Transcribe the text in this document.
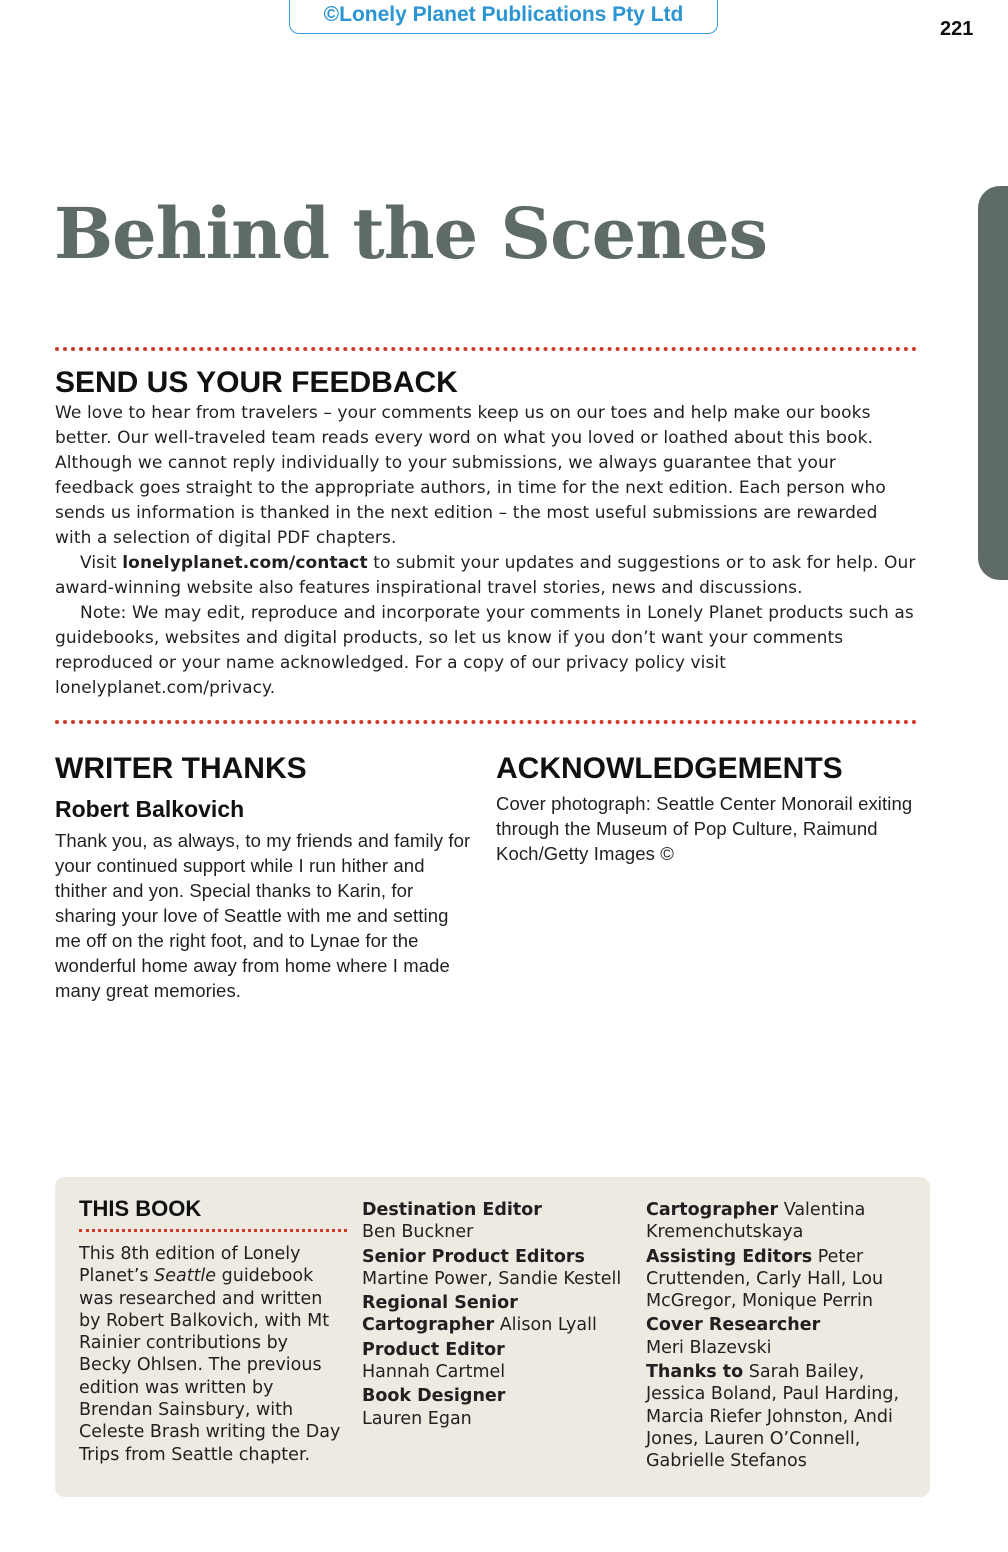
©Lonely Planet Publications Pty Ltd
221
Behind the Scenes
SEND US YOUR FEEDBACK

We love to hear from travelers – your comments keep us on our toes and help make our books better. Our well-traveled team reads every word on what you loved or loathed about this book. Although we cannot reply individually to your submissions, we always guarantee that your feedback goes straight to the appropriate authors, in time for the next edition. Each person who sends us information is thanked in the next edition – the most useful submissions are rewarded with a selection of digital PDF chapters.

Visit lonelyplanet.com/contact to submit your updates and suggestions or to ask for help. Our award-winning website also features inspirational travel stories, news and discussions.

Note: We may edit, reproduce and incorporate your comments in Lonely Planet products such as guidebooks, websites and digital products, so let us know if you don’t want your comments reproduced or your name acknowledged. For a copy of our privacy policy visit lonelyplanet.com/privacy.

WRITER THANKS
Robert Balkovich

Thank you, as always, to my friends and family for your continued support while I run hither and thither and yon. Special thanks to Karin, for sharing your love of Seattle with me and setting me off on the right foot, and to Lynae for the wonderful home away from home where I made many great memories.

ACKNOWLEDGEMENTS

Cover photograph: Seattle Center Monorail exiting through the Museum of Pop Culture, Raimund Koch/Getty Images ©

THIS BOOK

This 8th edition of Lonely Planet’s Seattle guidebook was researched and written by Robert Balkovich, with Mt Rainier contributions by Becky Ohlsen. The previous edition was written by Brendan Sainsbury, with Celeste Brash writing the Day Trips from Seattle chapter.

Destination Editor
Ben Buckner

Senior Product Editors
Martine Power, Sandie Kestell

Regional Senior Cartographer Alison Lyall

Product Editor
Hannah Cartmel

Book Designer
Lauren Egan

Cartographer Valentina Kremenchutskaya

Assisting Editors Peter Cruttenden, Carly Hall, Lou McGregor, Monique Perrin

Cover Researcher
Meri Blazevski

Thanks to Sarah Bailey, Jessica Boland, Paul Harding, Marcia Riefer Johnston, Andi Jones, Lauren O’Connell, Gabrielle Stefanos
